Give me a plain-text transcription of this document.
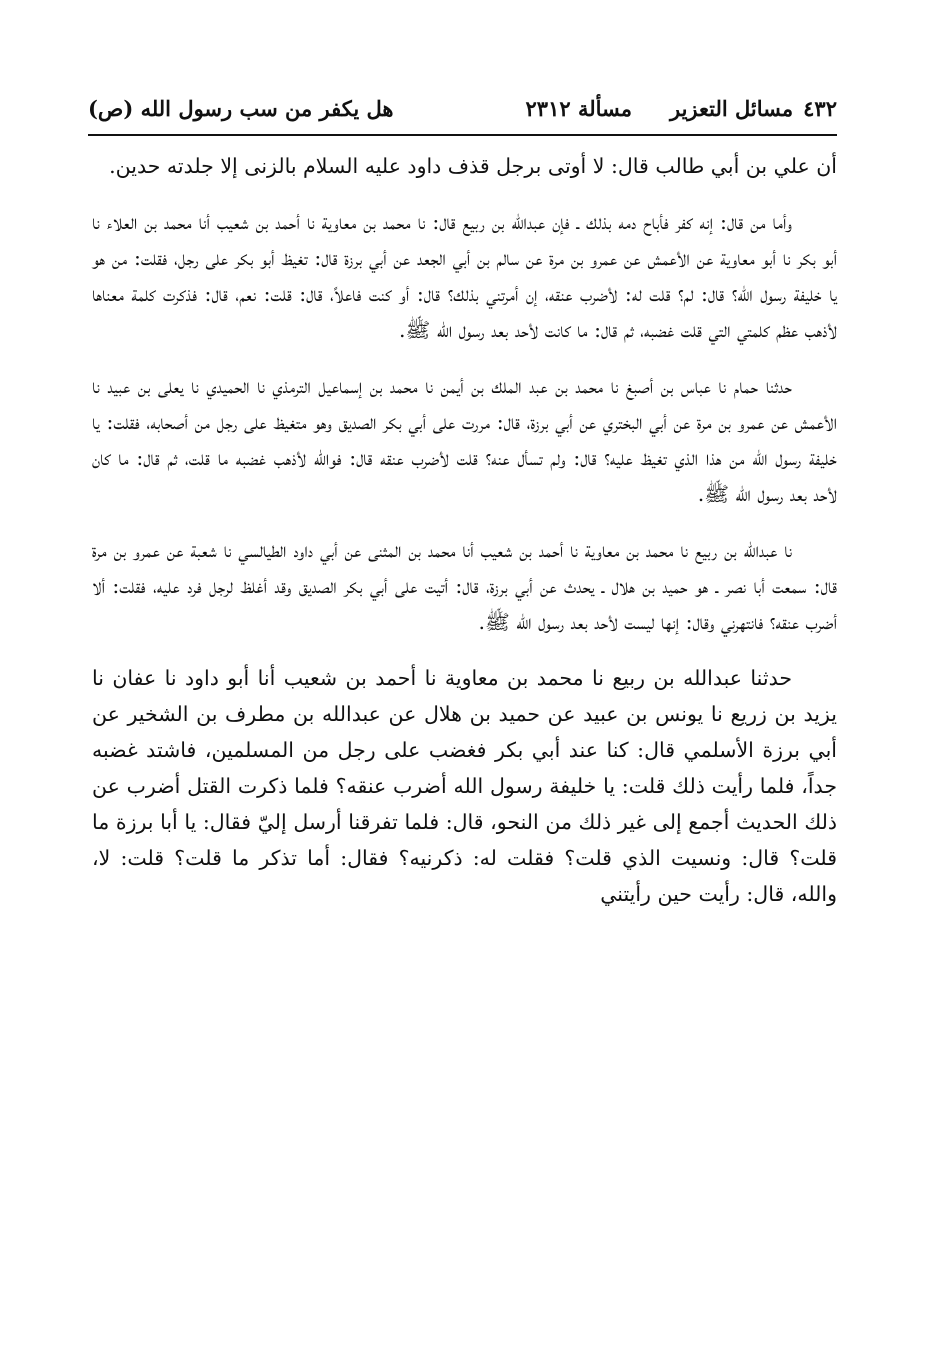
٤٣٢مسائل التعزير
مسألة ٢٣١٢
هل يكفر من سب رسول الله (ص)

أن علي بن أبي طالب قال: لا أوتى برجل قذف داود عليه السلام بالزنى إلا جلدته حدين.

وأما من قال: إنه كفر فأباح دمه بذلك ـ فإن عبدالله بن ربيع قال: نا محمد بن معاوية نا أحمد بن شعيب أنا محمد بن العلاء نا أبو بكر نا أبو معاوية عن الأعمش عن عمرو بن مرة عن سالم بن أبي الجعد عن أبي برزة قال: تغيظ أبو بكر على رجل، فقلت: من هو يا خليفة رسول الله؟ قال: لم؟ قلت له: لأضرب عنقه، إن أمرتني بذلك؟ قال: أو كنت فاعلاً، قال: قلت: نعم، قال: فذكرت كلمة معناها لأذهب عظم كلمتي التي قلت غضبه، ثم قال: ما كانت لأحد بعد رسول الله ﷺ.

حدثنا حمام نا عباس بن أصبغ نا محمد بن عبد الملك بن أيمن نا محمد بن إسماعيل الترمذي نا الحميدي نا يعلى بن عبيد نا الأعمش عن عمرو بن مرة عن أبي البختري عن أبي برزة، قال: مررت على أبي بكر الصديق وهو متغيظ على رجل من أصحابه، فقلت: يا خليفة رسول الله من هذا الذي تغيظ عليه؟ قال: ولم تسأل عنه؟ قلت لأضرب عنقه قال: فوالله لأذهب غضبه ما قلت، ثم قال: ما كان لأحد بعد رسول الله ﷺ.

نا عبدالله بن ربيع نا محمد بن معاوية نا أحمد بن شعيب أنا محمد بن المثنى عن أبي داود الطيالسي نا شعبة عن عمرو بن مرة قال: سمعت أبا نصر ـ هو حميد بن هلال ـ يحدث عن أبي برزة، قال: أتيت على أبي بكر الصديق وقد أغلظ لرجل فرد عليه، فقلت: ألا أضرب عنقه؟ فانتهرني وقال: إنها ليست لأحد بعد رسول الله ﷺ.

حدثنا عبدالله بن ربيع نا محمد بن معاوية نا أحمد بن شعيب أنا أبو داود نا عفان نا يزيد بن زريع نا يونس بن عبيد عن حميد بن هلال عن عبدالله بن مطرف بن الشخير عن أبي برزة الأسلمي قال: كنا عند أبي بكر فغضب على رجل من المسلمين، فاشتد غضبه جداً، فلما رأيت ذلك قلت: يا خليفة رسول الله أضرب عنقه؟ فلما ذكرت القتل أضرب عن ذلك الحديث أجمع إلى غير ذلك من النحو، قال: فلما تفرقنا أرسل إليّ فقال: يا أبا برزة ما قلت؟ قال: ونسيت الذي قلت؟ فقلت له: ذكرنيه؟ فقال: أما تذكر ما قلت؟ قلت: لا، والله، قال: رأيت حين رأيتني
